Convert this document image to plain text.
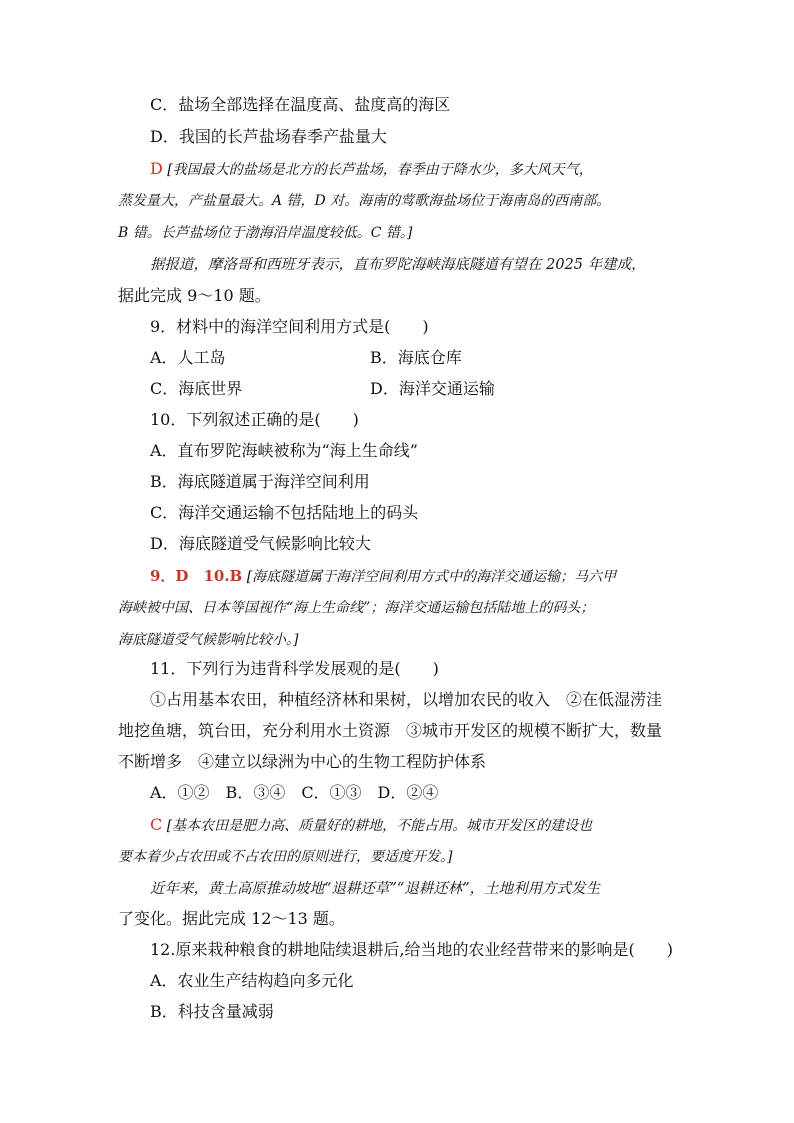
C．盐场全部选择在温度高、盐度高的海区
D．我国的长芦盐场春季产盐量大
D [我国最大的盐场是北方的长芦盐场，春季由于降水少，多大风天气，
蒸发量大，产盐量最大。A 错，D 对。海南的莺歌海盐场位于海南岛的西南部。
B 错。长芦盐场位于渤海沿岸温度较低。C 错。]
据报道，摩洛哥和西班牙表示，直布罗陀海峡海底隧道有望在 2025 年建成，
据此完成 9～10 题。
9．材料中的海洋空间利用方式是(　　)
A．人工岛	B．海底仓库
C．海底世界	D．海洋交通运输
10．下列叙述正确的是(　　)
A．直布罗陀海峡被称为“海上生命线”
B．海底隧道属于海洋空间利用
C．海洋交通运输不包括陆地上的码头
D．海底隧道受气候影响比较大
9．D　10.B [海底隧道属于海洋空间利用方式中的海洋交通运输；马六甲
海峡被中国、日本等国视作“海上生命线”；海洋交通运输包括陆地上的码头；
海底隧道受气候影响比较小。]
11．下列行为违背科学发展观的是(　　)
①占用基本农田，种植经济林和果树，以增加农民的收入　②在低湿涝洼
地挖鱼塘，筑台田，充分利用水土资源　③城市开发区的规模不断扩大，数量
不断增多　④建立以绿洲为中心的生物工程防护体系
A．①②　B．③④　C．①③　D．②④
C [基本农田是肥力高、质量好的耕地，不能占用。城市开发区的建设也
要本着少占农田或不占农田的原则进行，要适度开发。]
近年来，黄土高原推动坡地“退耕还草”“退耕还林”，土地利用方式发生
了变化。据此完成 12～13 题。
12.原来栽种粮食的耕地陆续退耕后,给当地的农业经营带来的影响是(　　)
A．农业生产结构趋向多元化
B．科技含量减弱
